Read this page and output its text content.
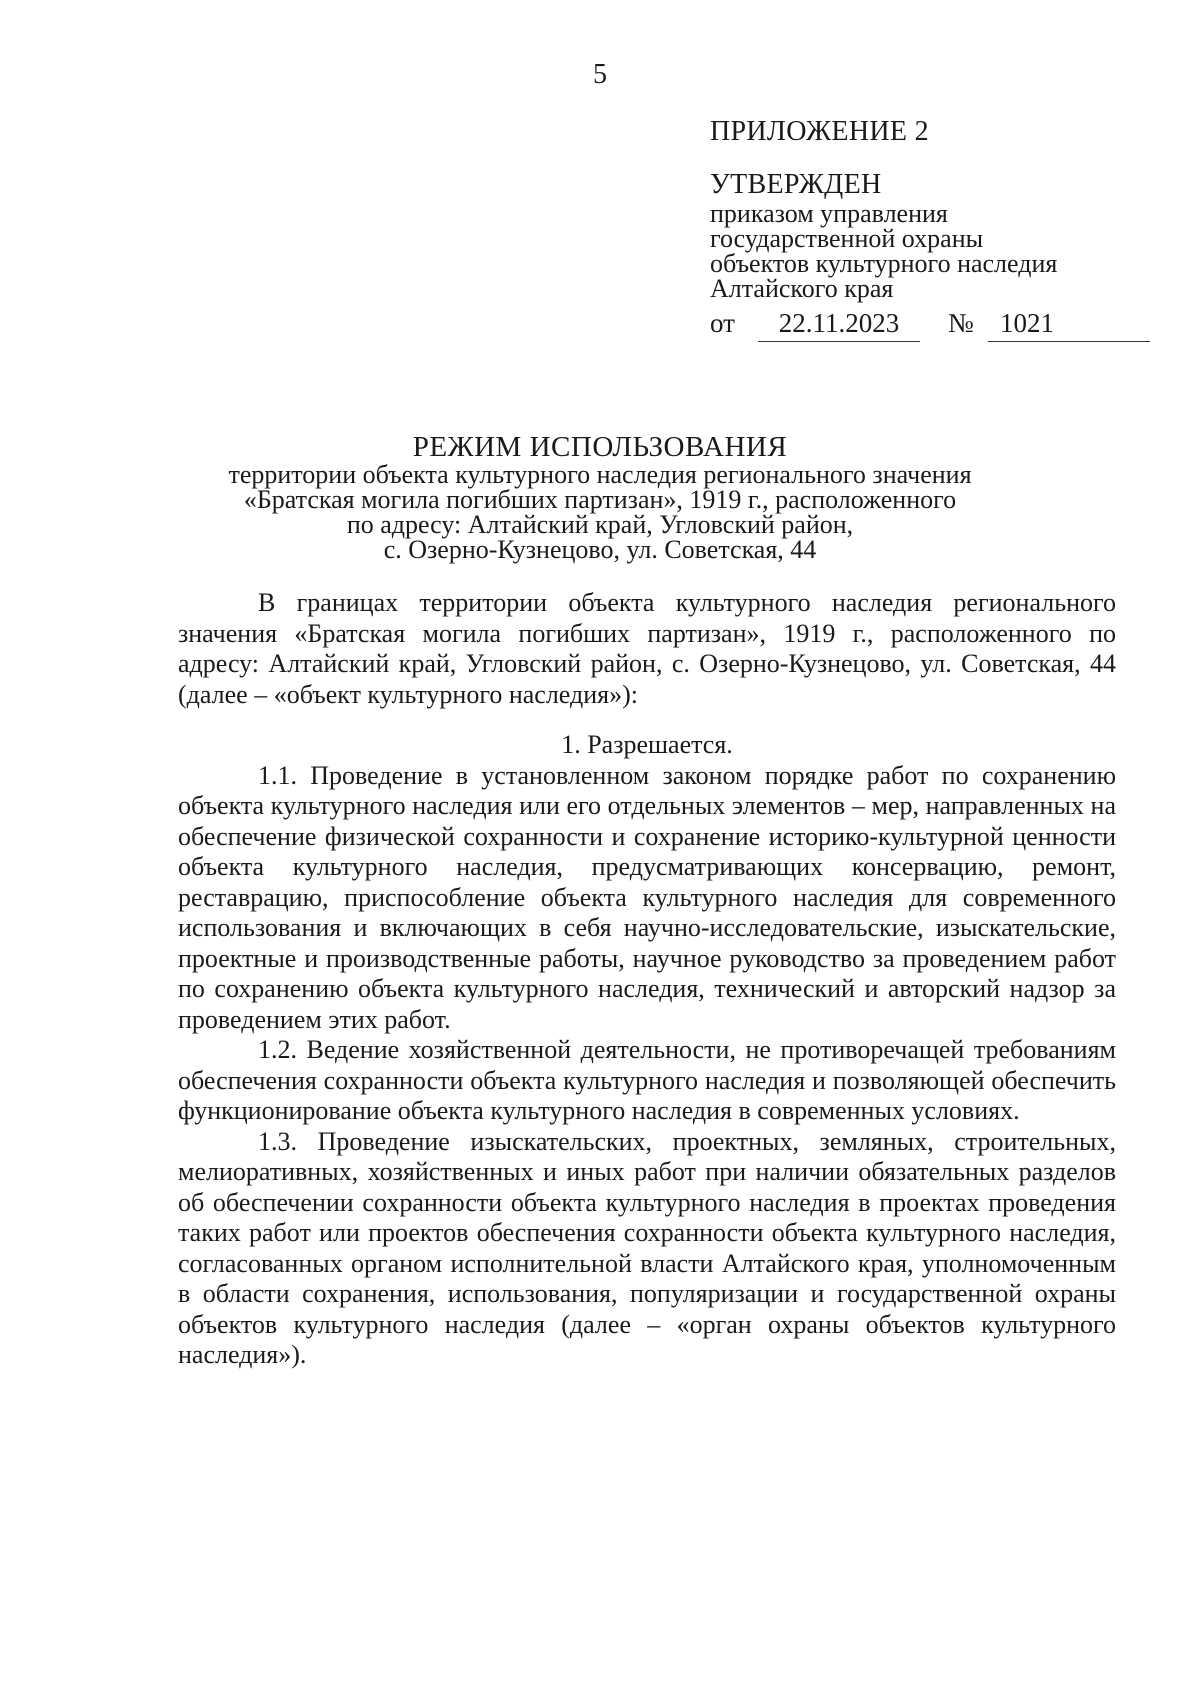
5
ПРИЛОЖЕНИЕ 2
УТВЕРЖДЕН
приказом управления
государственной охраны
объектов культурного наследия
Алтайского края
от	22.11.2023	№ 1021
РЕЖИМ ИСПОЛЬЗОВАНИЯ
территории объекта культурного наследия регионального значения
«Братская могила погибших партизан», 1919 г., расположенного
по адресу: Алтайский край, Угловский район,
с. Озерно-Кузнецово, ул. Советская, 44

В границах территории объекта культурного наследия регионального значения «Братская могила погибших партизан», 1919 г., расположенного по адресу: Алтайский край, Угловский район, с. Озерно-Кузнецово, ул. Советская, 44 (далее – «объект культурного наследия»):

1. Разрешается.

1.1. Проведение в установленном законом порядке работ по сохранению объекта культурного наследия или его отдельных элементов – мер, направленных на обеспечение физической сохранности и сохранение историко-культурной ценности объекта культурного наследия, предусматривающих консервацию, ремонт, реставрацию, приспособление объекта культурного наследия для современного использования и включающих в себя научно-исследовательские, изыскательские, проектные и производственные работы, научное руководство за проведением работ по сохранению объекта культурного наследия, технический и авторский надзор за проведением этих работ.

1.2. Ведение хозяйственной деятельности, не противоречащей требованиям обеспечения сохранности объекта культурного наследия и позволяющей обеспечить функционирование объекта культурного наследия в современных условиях.

1.3. Проведение изыскательских, проектных, земляных, строительных, мелиоративных, хозяйственных и иных работ при наличии обязательных разделов об обеспечении сохранности объекта культурного наследия в проектах проведения таких работ или проектов обеспечения сохранности объекта культурного наследия, согласованных органом исполнительной власти Алтайского края, уполномоченным в области сохранения, использования, популяризации и государственной охраны объектов культурного наследия (далее – «орган охраны объектов культурного наследия»).
